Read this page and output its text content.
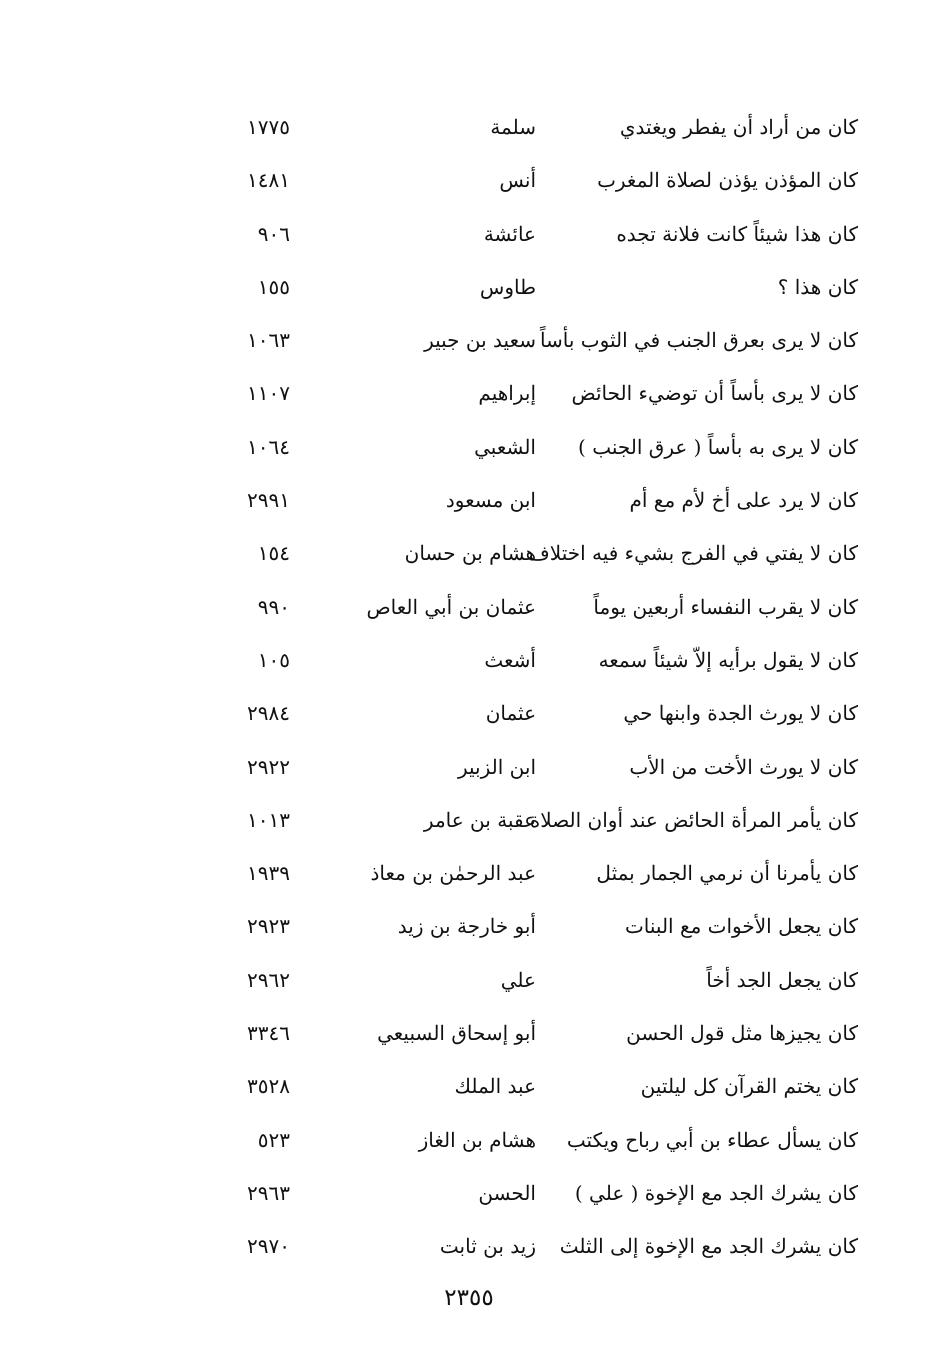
كان من أراد أن يفطر ويغتدي
سلمة
١٧٧٥
كان المؤذن يؤذن لصلاة المغرب
أنس
١٤٨١
كان هذا شيئاً كانت فلانة تجده
عائشة
٩٠٦
كان هذا ؟
طاوس
١٥٥
كان لا يرى بعرق الجنب في الثوب بأساً
سعيد بن جبير
١٠٦٣
كان لا يرى بأساً أن توضيء الحائض
إبراهيم
١١٠٧
كان لا يرى به بأساً ( عرق الجنب )
الشعبي
١٠٦٤
كان لا يرد على أخ لأم مع أم
ابن مسعود
٢٩٩١
كان لا يفتي في الفرج بشيء فيه اختلاف
هشام بن حسان
١٥٤
كان لا يقرب النفساء أربعين يوماً
عثمان بن أبي العاص
٩٩٠
كان لا يقول برأيه إلاّ شيئاً سمعه
أشعث
١٠٥
كان لا يورث الجدة وابنها حي
عثمان
٢٩٨٤
كان لا يورث الأخت من الأب
ابن الزبير
٢٩٢٢
كان يأمر المرأة الحائض عند أوان الصلاة
عقبة بن عامر
١٠١٣
كان يأمرنا أن نرمي الجمار بمثل
عبد الرحمٰن بن معاذ
١٩٣٩
كان يجعل الأخوات مع البنات
أبو خارجة بن زيد
٢٩٢٣
كان يجعل الجد أخاً
علي
٢٩٦٢
كان يجيزها مثل قول الحسن
أبو إسحاق السبيعي
٣٣٤٦
كان يختم القرآن كل ليلتين
عبد الملك
٣٥٢٨
كان يسأل عطاء بن أبي رباح ويكتب
هشام بن الغاز
٥٢٣
كان يشرك الجد مع الإخوة ( علي )
الحسن
٢٩٦٣
كان يشرك الجد مع الإخوة إلى الثلث
زيد بن ثابت
٢٩٧٠
٢٣٥٥
